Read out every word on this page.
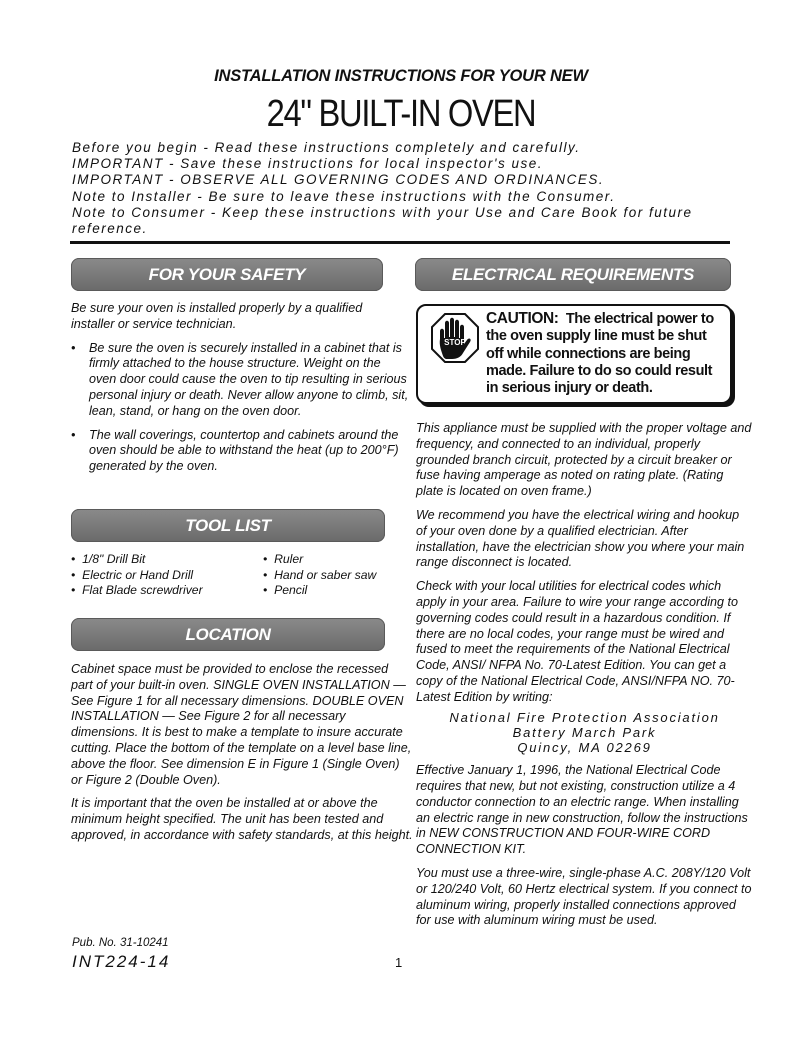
INSTALLATION INSTRUCTIONS FOR YOUR NEW
24" BUILT-IN OVEN
Before you begin - Read these instructions completely and carefully.
IMPORTANT - Save these instructions for local inspector's use.
IMPORTANT - OBSERVE ALL GOVERNING CODES AND ORDINANCES.
Note to Installer - Be sure to leave these instructions with the Consumer.
Note to Consumer - Keep these instructions with your Use and Care Book for future
reference.
FOR YOUR SAFETY

Be sure your oven is installed properly by a qualified installer or service technician.

• Be sure the oven is securely installed in a cabinet that is firmly attached to the house structure. Weight on the oven door could cause the oven to tip resulting in serious personal injury or death. Never allow anyone to climb, sit, lean, stand, or hang on the oven door.
• The wall coverings, countertop and cabinets around the oven should be able to withstand the heat (up to 200°F) generated by the oven.
TOOL LIST
• 1/8" Drill Bit
• Electric or Hand Drill
• Flat Blade screwdriver
• Ruler
• Hand or saber saw
• Pencil
LOCATION

Cabinet space must be provided to enclose the recessed part of your built-in oven. SINGLE OVEN INSTALLATION — See Figure 1 for all necessary dimensions. DOUBLE OVEN INSTALLATION — See Figure 2 for all necessary dimensions. It is best to make a template to insure accurate cutting. Place the bottom of the template on a level base line, above the floor. See dimension E in Figure 1 (Single Oven) or Figure 2 (Double Oven).

It is important that the oven be installed at or above the minimum height specified. The unit has been tested and approved, in accordance with safety standards, at this height.

ELECTRICAL REQUIREMENTS
STOP
CAUTION: The electrical power to the oven supply line must be shut off while connections are being made. Failure to do so could result in serious injury or death.

This appliance must be supplied with the proper voltage and frequency, and connected to an individual, properly grounded branch circuit, protected by a circuit breaker or fuse having amperage as noted on rating plate. (Rating plate is located on oven frame.)

We recommend you have the electrical wiring and hookup of your oven done by a qualified electrician. After installation, have the electrician show you where your main range disconnect is located.

Check with your local utilities for electrical codes which apply in your area. Failure to wire your range according to governing codes could result in a hazardous condition. If there are no local codes, your range must be wired and fused to meet the requirements of the National Electrical Code, ANSI/ NFPA No. 70-Latest Edition. You can get a copy of the National Electrical Code, ANSI/NFPA NO. 70-Latest Edition by writing:

National Fire Protection Association
Battery March Park
Quincy, MA 02269

Effective January 1, 1996, the National Electrical Code requires that new, but not existing, construction utilize a 4 conductor connection to an electric range. When installing an electric range in new construction, follow the instructions in NEW CONSTRUCTION AND FOUR-WIRE CORD CONNECTION KIT.

You must use a three-wire, single-phase A.C. 208Y/120 Volt or 120/240 Volt, 60 Hertz electrical system. If you connect to aluminum wiring, properly installed connections approved for use with aluminum wiring must be used.

Pub. No. 31-10241
INT224-14	1
